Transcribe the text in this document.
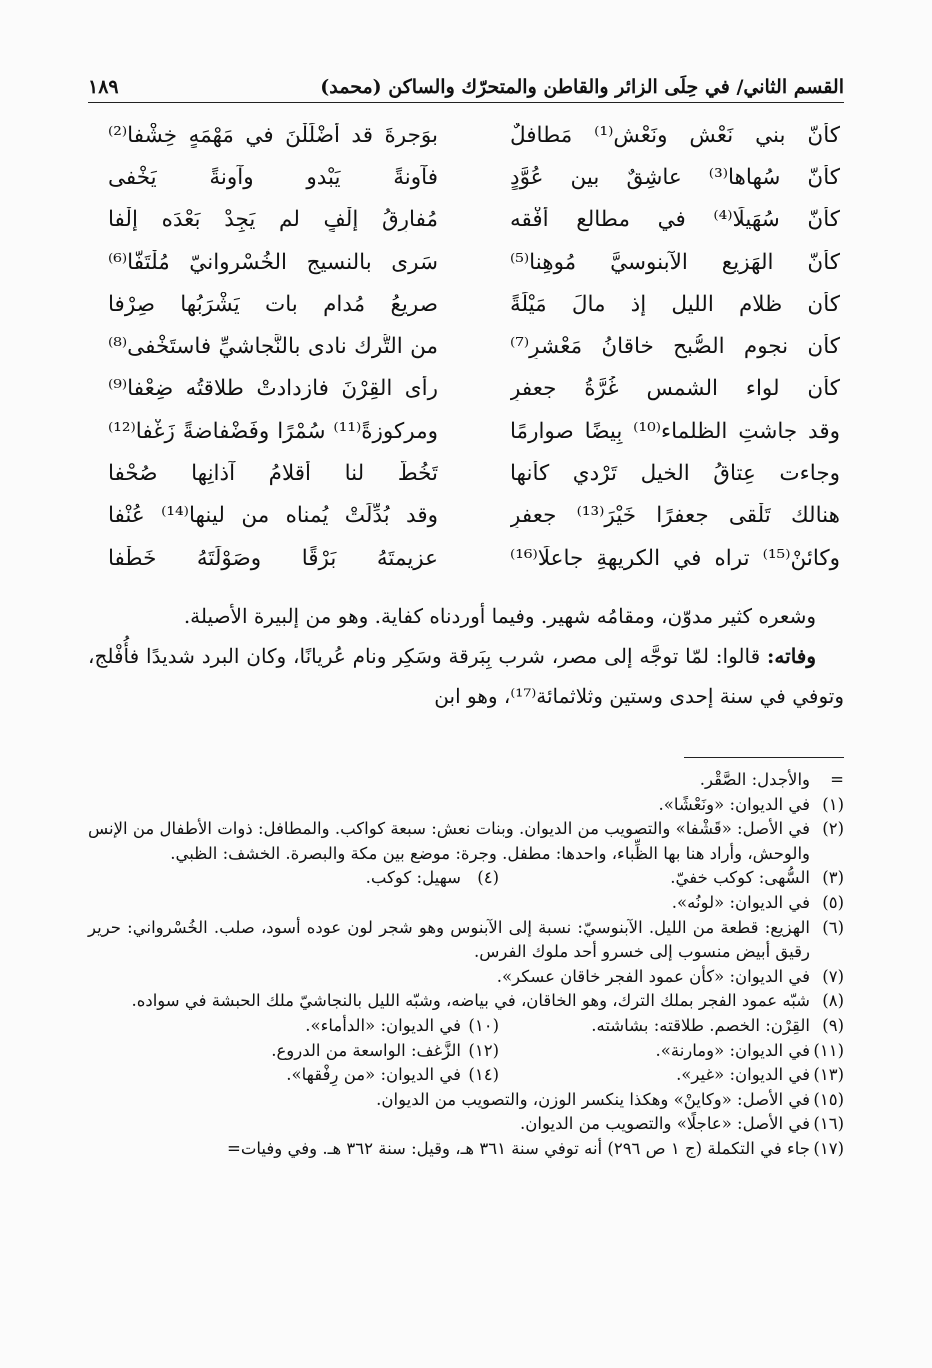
القسم الثاني/ في حِلَى الزائر والقاطن والمتحرّك والساكن (محمد)
١٨٩
كأنّ بني نَعْش ونَعْش⁽¹⁾ مَطافلٌ
بوَجرةَ قد أضْلَلْنَ في مَهْمَهٍ خِشْفا⁽²⁾
كأنّ سُهاها⁽³⁾ عاشِقٌ بين عُوَّدٍ
فآونةً يَبْدو وآونةً يَخْفى
كأنّ سُهَيلًا⁽⁴⁾ في مطالعِ أُفْقه
مُفارِقُ إلْفٍ لم يَجِدْ بَعْدَه إلْفا
كأنّ الهَزيع الآبنوسيَّ مُوهِنا⁽⁵⁾
سَرى بالنسيج الخُسْروانيّ مُلْتَفّا⁽⁶⁾
كأن ظلام الليل إذ مالَ مَيْلَةً
صريعُ مُدامٍ بات يَشْرَبُها صِرْفا
كأن نجوم الصُّبح خاقانُ مَعْشرٍ⁽⁷⁾
من التُّرك نادى بالنَّجاشيِّ فاستَخْفى⁽⁸⁾
كأن لواء الشمس غُرَّةُ جعفرٍ
رأى القِرْنَ فازدادتْ طلاقتُه ضِعْفا⁽⁹⁾
وقد جاشتِ الظلماء⁽¹⁰⁾ بِيضًا صوارمًا
ومركوزةً⁽¹¹⁾ سُمْرًا وفَضْفاضةً زَغْفا⁽¹²⁾
وجاءت عِتاقُ الخيل تَرْدي كأنها
تَخُطُّ لنا أقلامُ آذانِها صُحْفا
هنالك تَلْقى جعفرًا خَيْرَ⁽¹³⁾ جعفرٍ
وقد بُدِّلَتْ يُمناه من لينها⁽¹⁴⁾ عُنْفا
وكائنْ⁽¹⁵⁾ تراه في الكريهةِ جاعلًا⁽¹⁶⁾
عزيمتَهُ بَرْقًا وصَوْلَتَهُ خَطْفا

وشعره كثير مدوّن، ومقامُه شهير. وفيما أوردناه كفاية. وهو من إلبيرة الأصيلة.

وفاته: قالوا: لمّا توجَّه إلى مصر، شرب بِبَرقة وسَكِر ونام عُريانًا، وكان البرد شديدًا فأُفْلج، وتوفي في سنة إحدى وستين وثلاثمائة⁽¹⁷⁾، وهو ابن

=
والأجدل: الصَّقْر.
(١)
في الديوان: «ونَعْشًا».
(٢)
في الأصل: «قَشْفا» والتصويب من الديوان. وبنات نعش: سبعة كواكب. والمطافل: ذوات الأطفال من الإنس والوحش، وأراد هنا بها الظِّباء، واحدها: مطفل. وجرة: موضع بين مكة والبصرة. الخشف: الظبي.
(٣)
السُّهى: كوكب خفيّ.
(٤)
سهيل: كوكب.
(٥)
في الديوان: «لونُه».
(٦)
الهزيع: قطعة من الليل. الآبنوسيّ: نسبة إلى الآبنوس وهو شجر لون عوده أسود، صلب. الخُسْرواني: حرير رقيق أبيض منسوب إلى خسرو أحد ملوك الفرس.
(٧)
في الديوان: «كأن عمود الفجر خاقان عسكر».
(٨)
شبّه عمود الفجر بملك الترك، وهو الخاقان، في بياضه، وشبّه الليل بالنجاشيّ ملك الحبشة في سواده.
(٩)
القِرْن: الخصم. طلاقته: بشاشته.
(١٠)
في الديوان: «الدأماء».
(١١)
في الديوان: «ومارنة».
(١٢)
الزَّغف: الواسعة من الدروع.
(١٣)
في الديوان: «غير».
(١٤)
في الديوان: «من رِفْقها».
(١٥)
في الأصل: «وكاينْ» وهكذا ينكسر الوزن، والتصويب من الديوان.
(١٦)
في الأصل: «عاجلًا» والتصويب من الديوان.
(١٧)
جاء في التكملة (ج ١ ص ٢٩٦) أنه توفي سنة ٣٦١ هـ، وقيل: سنة ٣٦٢ هـ. وفي وفيات=
